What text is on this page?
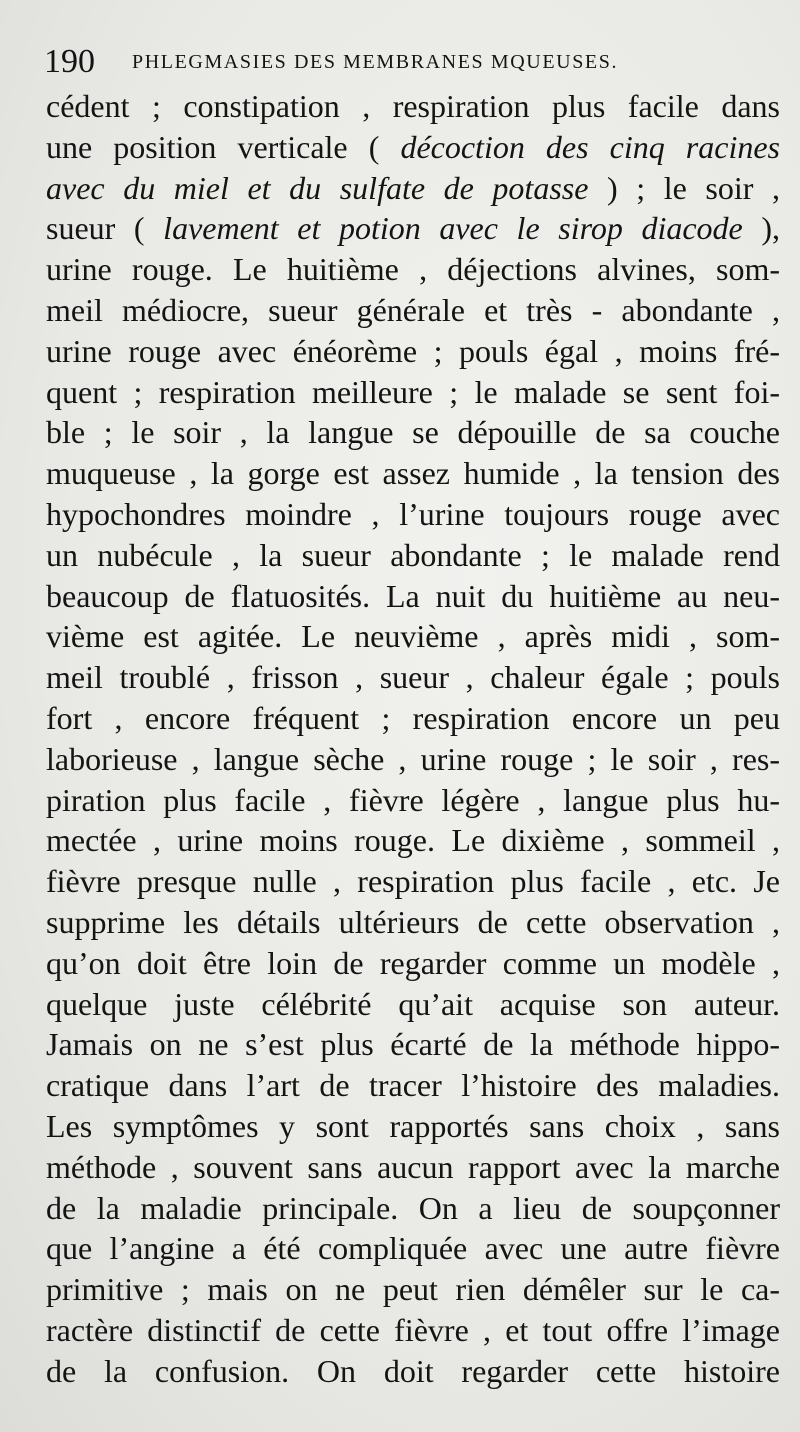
190 PHLEGMASIES DES MEMBRANES MQUEUSES.
cédent ; constipation , respiration plus facile dans
une position verticale ( décoction des cinq racines
avec du miel et du sulfate de potasse ) ; le soir ,
sueur ( lavement et potion avec le sirop diacode ),
urine rouge. Le huitième , déjections alvines, som-
meil médiocre, sueur générale et très - abondante ,
urine rouge avec énéorème ; pouls égal , moins fré-
quent ; respiration meilleure ; le malade se sent foi-
ble ; le soir , la langue se dépouille de sa couche
muqueuse , la gorge est assez humide , la tension des
hypochondres moindre , l’urine toujours rouge avec
un nubécule , la sueur abondante ; le malade rend
beaucoup de flatuosités. La nuit du huitième au neu-
vième est agitée. Le neuvième , après midi , som-
meil troublé , frisson , sueur , chaleur égale ; pouls
fort , encore fréquent ; respiration encore un peu
laborieuse , langue sèche , urine rouge ; le soir , res-
piration plus facile , fièvre légère , langue plus hu-
mectée , urine moins rouge. Le dixième , sommeil ,
fièvre presque nulle , respiration plus facile , etc. Je
supprime les détails ultérieurs de cette observation ,
qu’on doit être loin de regarder comme un modèle ,
quelque juste célébrité qu’ait acquise son auteur.
Jamais on ne s’est plus écarté de la méthode hippo-
cratique dans l’art de tracer l’histoire des maladies.
Les symptômes y sont rapportés sans choix , sans
méthode , souvent sans aucun rapport avec la marche
de la maladie principale. On a lieu de soupçonner
que l’angine a été compliquée avec une autre fièvre
primitive ; mais on ne peut rien démêler sur le ca-
ractère distinctif de cette fièvre , et tout offre l’image
de la confusion. On doit regarder cette histoire
